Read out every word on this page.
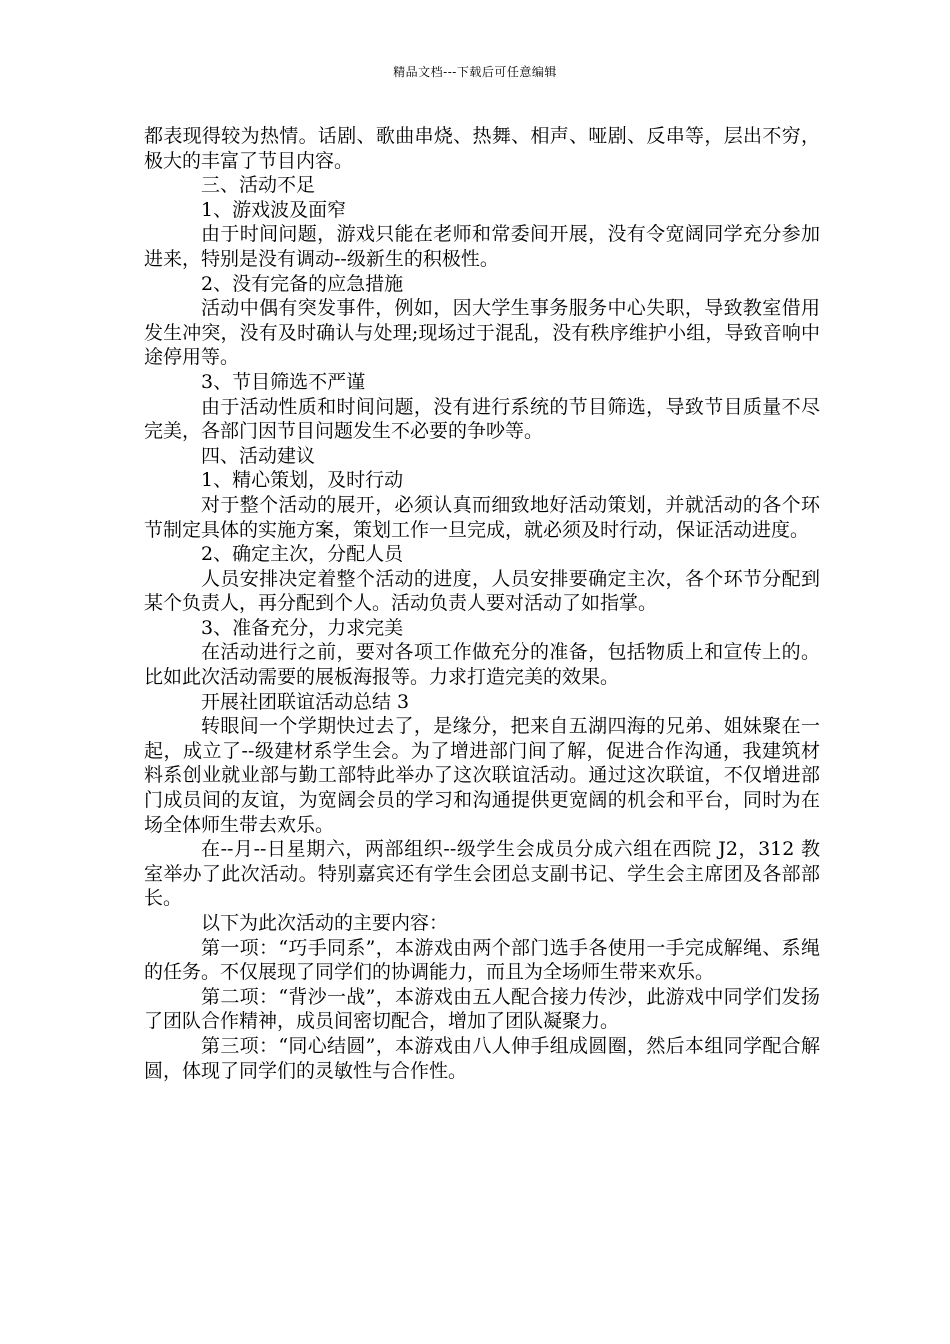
精品文档---下载后可任意编辑

都表现得较为热情。话剧、歌曲串烧、热舞、相声、哑剧、反串等，层出不穷，极大的丰富了节目内容。

三、活动不足

1、游戏波及面窄

由于时间问题，游戏只能在老师和常委间开展，没有令宽阔同学充分参加进来，特别是没有调动--级新生的积极性。

2、没有完备的应急措施

活动中偶有突发事件，例如，因大学生事务服务中心失职，导致教室借用发生冲突，没有及时确认与处理;现场过于混乱，没有秩序维护小组，导致音响中途停用等。

3、节目筛选不严谨

由于活动性质和时间问题，没有进行系统的节目筛选，导致节目质量不尽完美，各部门因节目问题发生不必要的争吵等。

四、活动建议

1、精心策划，及时行动

对于整个活动的展开，必须认真而细致地好活动策划，并就活动的各个环节制定具体的实施方案，策划工作一旦完成，就必须及时行动，保证活动进度。

2、确定主次，分配人员

人员安排决定着整个活动的进度，人员安排要确定主次，各个环节分配到某个负责人，再分配到个人。活动负责人要对活动了如指掌。

3、准备充分，力求完美

在活动进行之前，要对各项工作做充分的准备，包括物质上和宣传上的。比如此次活动需要的展板海报等。力求打造完美的效果。

开展社团联谊活动总结 3

转眼间一个学期快过去了，是缘分，把来自五湖四海的兄弟、姐妹聚在一起，成立了--级建材系学生会。为了增进部门间了解，促进合作沟通，我建筑材料系创业就业部与勤工部特此举办了这次联谊活动。通过这次联谊，不仅增进部门成员间的友谊，为宽阔会员的学习和沟通提供更宽阔的机会和平台，同时为在场全体师生带去欢乐。

在--月--日星期六，两部组织--级学生会成员分成六组在西院 J2，312 教室举办了此次活动。特别嘉宾还有学生会团总支副书记、学生会主席团及各部部长。

以下为此次活动的主要内容：

第一项：“巧手同系”，本游戏由两个部门选手各使用一手完成解绳、系绳的任务。不仅展现了同学们的协调能力，而且为全场师生带来欢乐。

第二项：“背沙一战”，本游戏由五人配合接力传沙，此游戏中同学们发扬了团队合作精神，成员间密切配合，增加了团队凝聚力。

第三项：“同心结圆”，本游戏由八人伸手组成圆圈，然后本组同学配合解圆，体现了同学们的灵敏性与合作性。
